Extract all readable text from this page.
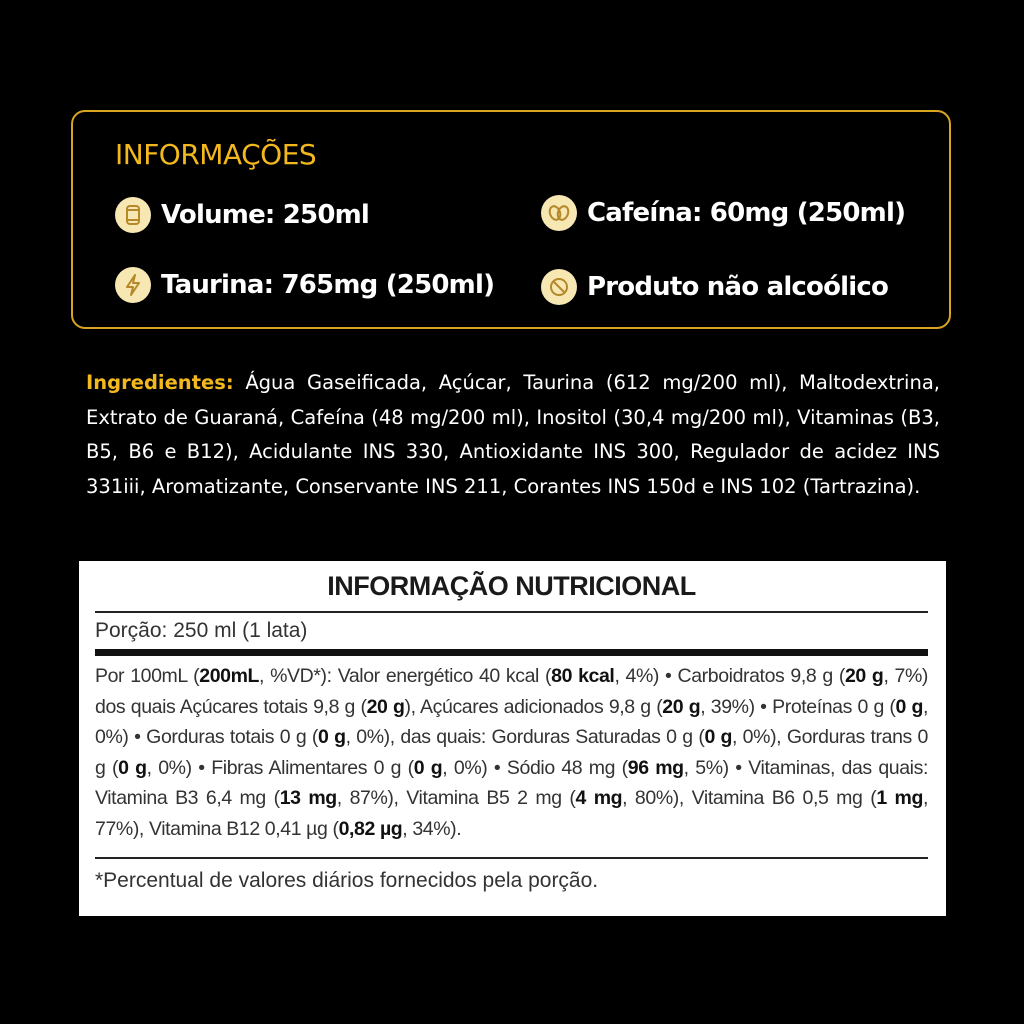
INFORMAÇÕES
Volume: 250ml	Cafeína: 60mg (250ml)
Taurina: 765mg (250ml)	Produto não alcoólico
Ingredientes: Água Gaseificada, Açúcar, Taurina (612 mg/200 ml), Maltodextrina, Extrato de Guaraná, Cafeína (48 mg/200 ml), Inositol (30,4 mg/200 ml), Vitaminas (B3, B5, B6 e B12), Acidulante INS 330, Antioxidante INS 300, Regulador de acidez INS 331iii, Aromatizante, Conservante INS 211, Corantes INS 150d e INS 102 (Tartrazina).
INFORMAÇÃO NUTRICIONAL
Porção: 250 ml (1 lata)
Por 100mL (200mL, %VD*): Valor energético 40 kcal (80 kcal, 4%) • Carboidratos 9,8 g (20 g, 7%) dos quais Açúcares totais 9,8 g (20 g), Açúcares adicionados 9,8 g (20 g, 39%) • Proteínas 0 g (0 g, 0%) • Gorduras totais 0 g (0 g, 0%), das quais: Gorduras Saturadas 0 g (0 g, 0%), Gorduras trans 0 g (0 g, 0%) • Fibras Alimentares 0 g (0 g, 0%) • Sódio 48 mg (96 mg, 5%) • Vitaminas, das quais: Vitamina B3 6,4 mg (13 mg, 87%), Vitamina B5 2 mg (4 mg, 80%), Vitamina B6 0,5 mg (1 mg, 77%), Vitamina B12 0,41 µg (0,82 µg, 34%).
*Percentual de valores diários fornecidos pela porção.
